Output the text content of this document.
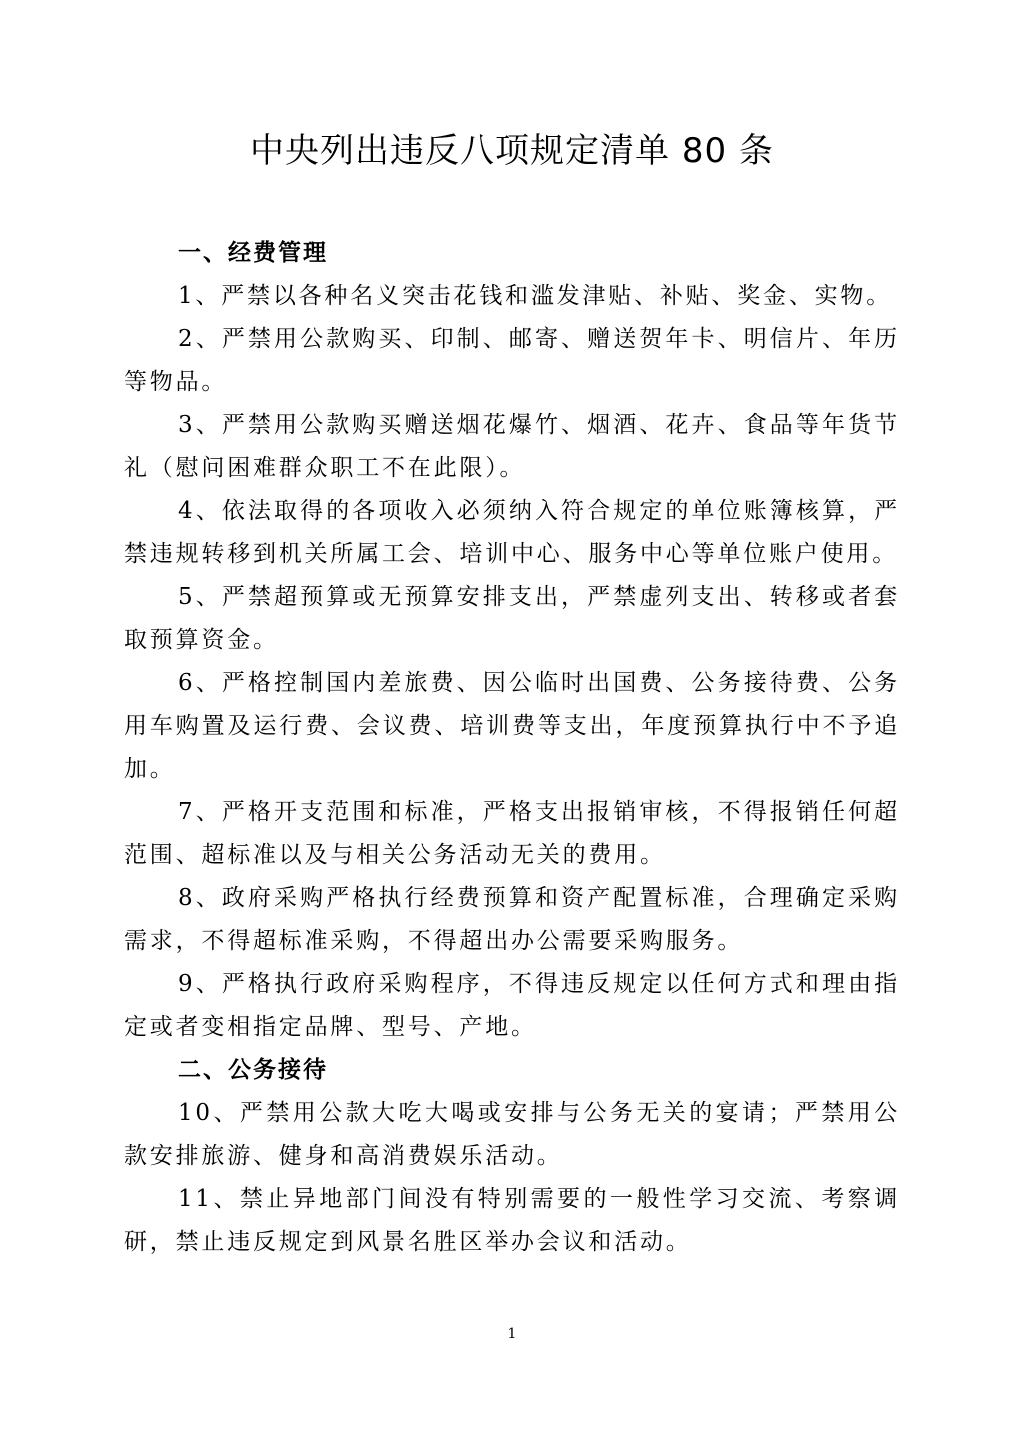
中央列出违反八项规定清单 80 条

一、经费管理

1、严禁以各种名义突击花钱和滥发津贴、补贴、奖金、实物。

2、严禁用公款购买、印制、邮寄、赠送贺年卡、明信片、年历等物品。

3、严禁用公款购买赠送烟花爆竹、烟酒、花卉、食品等年货节礼（慰问困难群众职工不在此限）。

4、依法取得的各项收入必须纳入符合规定的单位账簿核算，严禁违规转移到机关所属工会、培训中心、服务中心等单位账户使用。

5、严禁超预算或无预算安排支出，严禁虚列支出、转移或者套取预算资金。

6、严格控制国内差旅费、因公临时出国费、公务接待费、公务用车购置及运行费、会议费、培训费等支出，年度预算执行中不予追加。

7、严格开支范围和标准，严格支出报销审核，不得报销任何超范围、超标准以及与相关公务活动无关的费用。

8、政府采购严格执行经费预算和资产配置标准，合理确定采购需求，不得超标准采购，不得超出办公需要采购服务。

9、严格执行政府采购程序，不得违反规定以任何方式和理由指定或者变相指定品牌、型号、产地。

二、公务接待

10、严禁用公款大吃大喝或安排与公务无关的宴请；严禁用公款安排旅游、健身和高消费娱乐活动。

11、禁止异地部门间没有特别需要的一般性学习交流、考察调研，禁止违反规定到风景名胜区举办会议和活动。

1
